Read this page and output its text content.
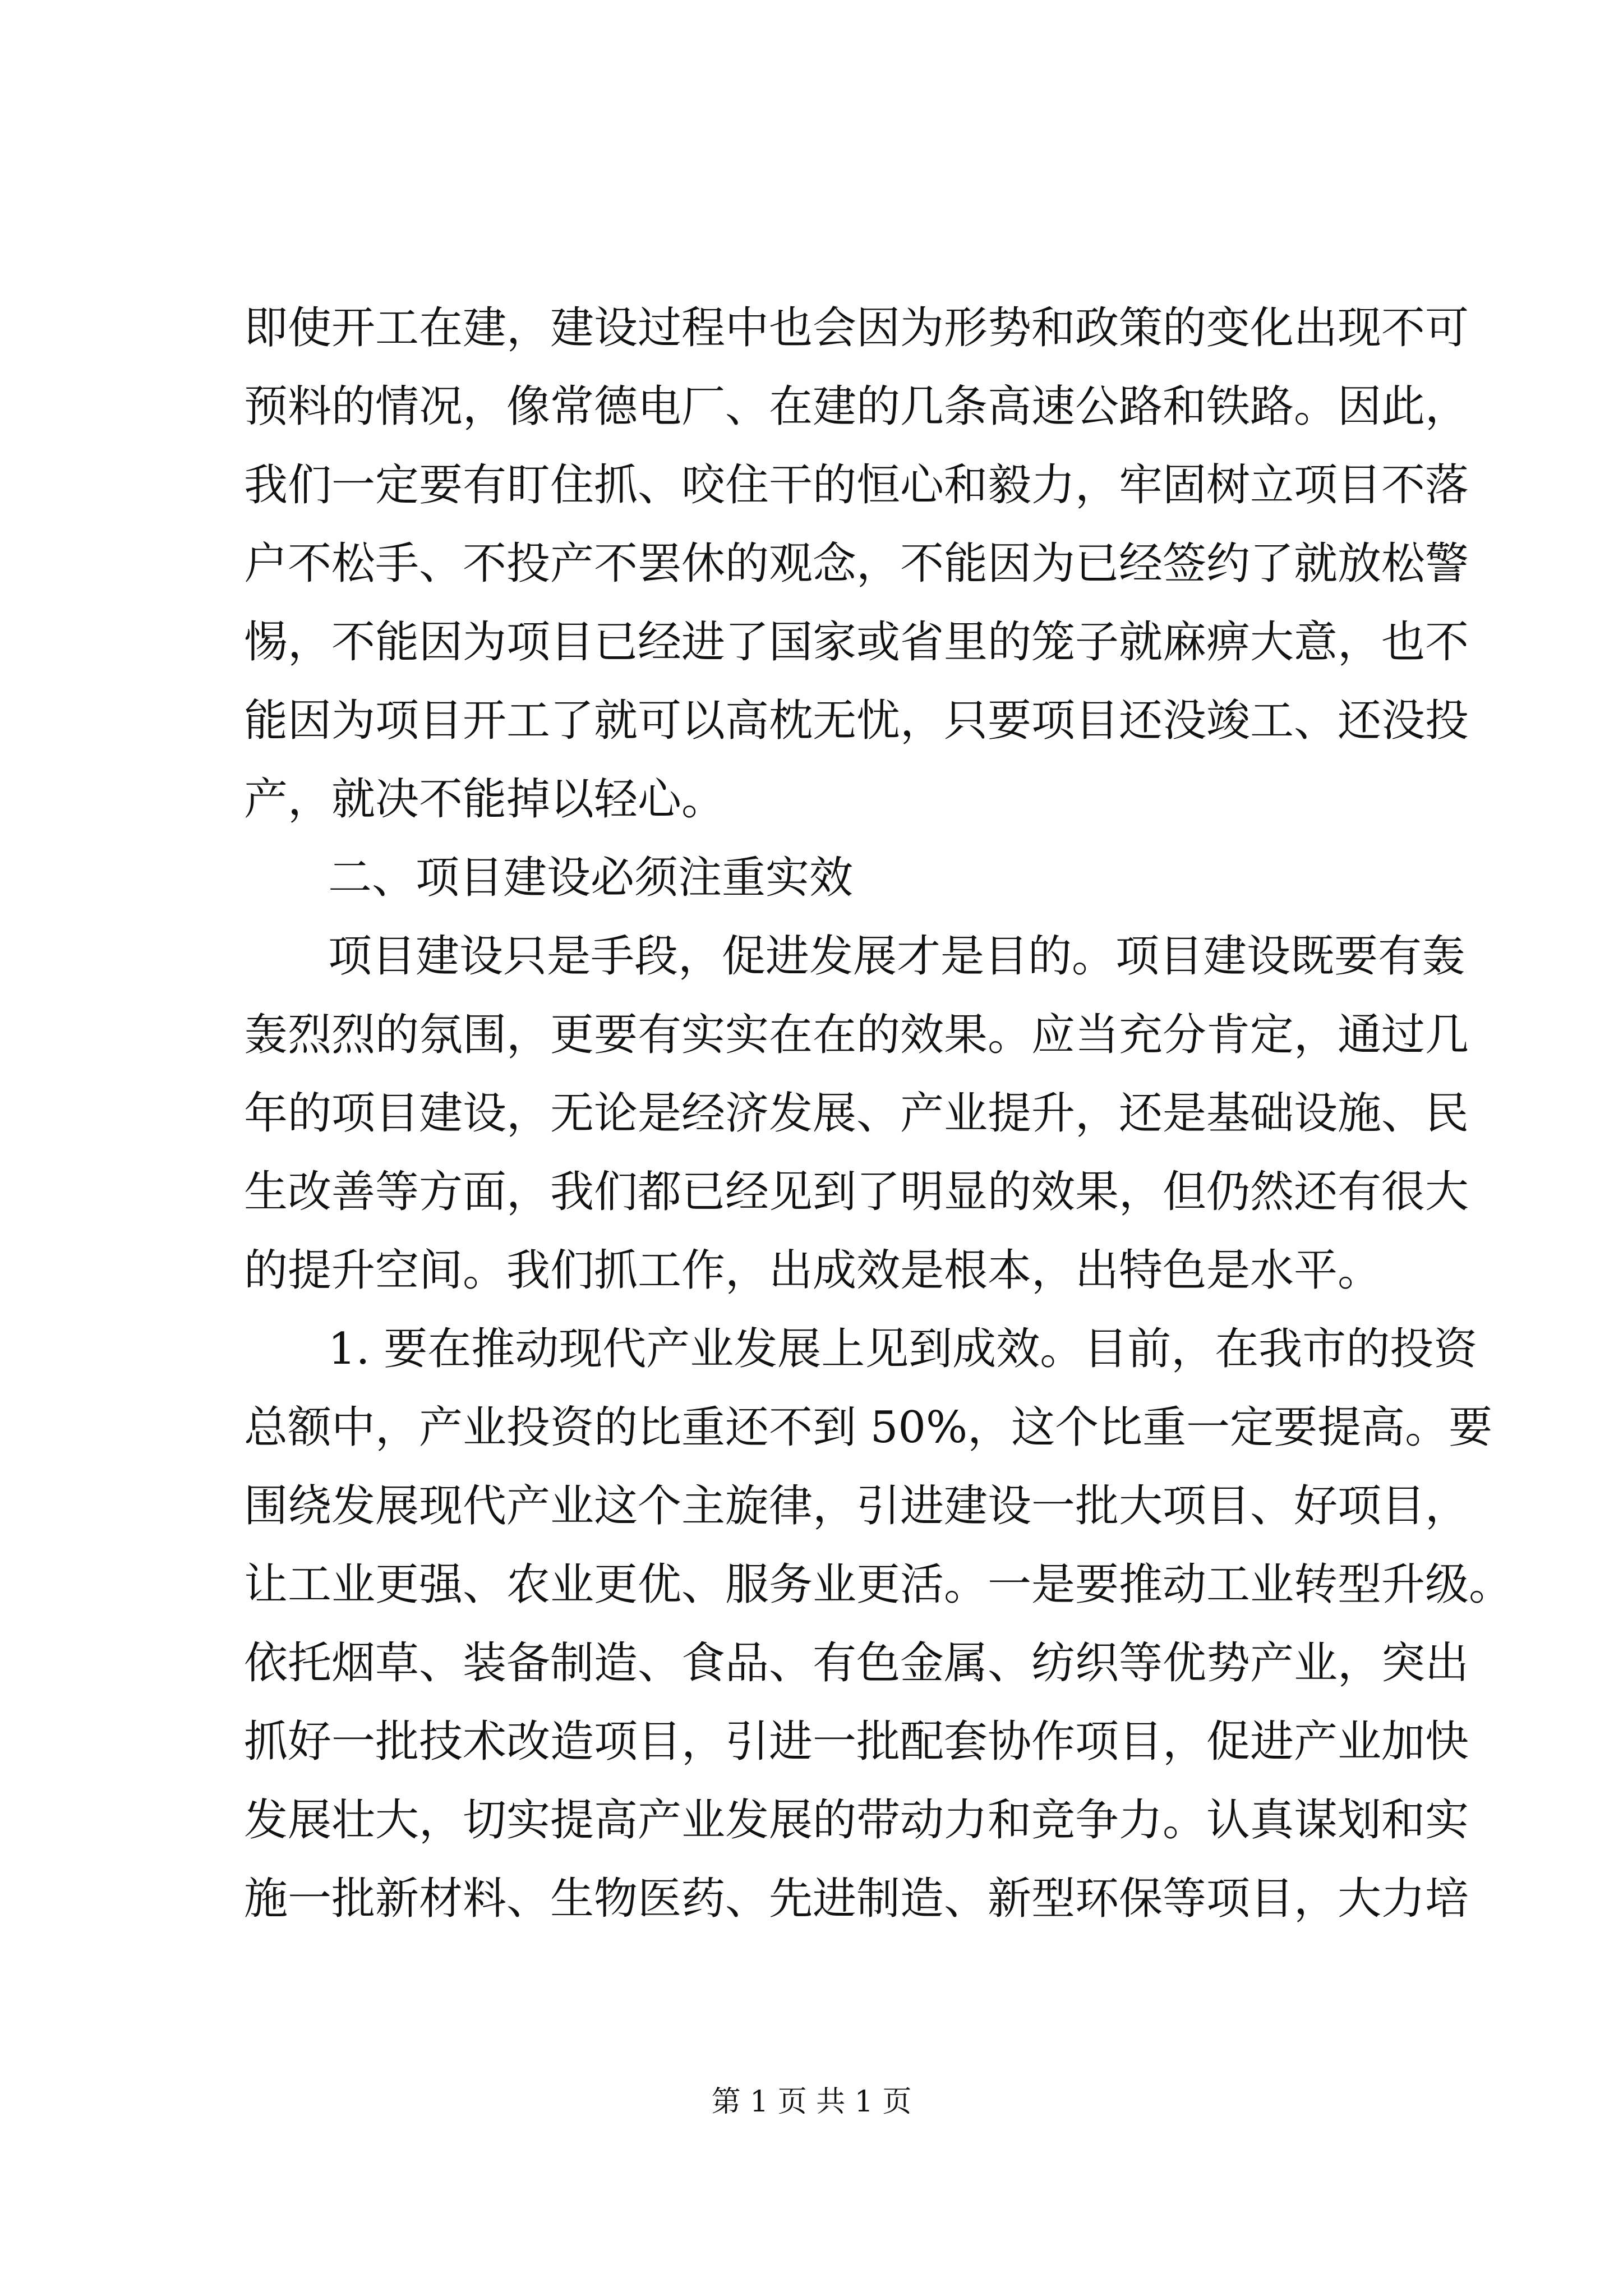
即使开工在建，建设过程中也会因为形势和政策的变化出现不可
预料的情况，像常德电厂、在建的几条高速公路和铁路。因此，
我们一定要有盯住抓、咬住干的恒心和毅力，牢固树立项目不落
户不松手、不投产不罢休的观念，不能因为已经签约了就放松警
惕，不能因为项目已经进了国家或省里的笼子就麻痹大意，也不
能因为项目开工了就可以高枕无忧，只要项目还没竣工、还没投
产，就决不能掉以轻心。
二、项目建设必须注重实效
项目建设只是手段，促进发展才是目的。项目建设既要有轰
轰烈烈的氛围，更要有实实在在的效果。应当充分肯定，通过几
年的项目建设，无论是经济发展、产业提升，还是基础设施、民
生改善等方面，我们都已经见到了明显的效果，但仍然还有很大
的提升空间。我们抓工作，出成效是根本，出特色是水平。
1. 要在推动现代产业发展上见到成效。目前，在我市的投资
总额中，产业投资的比重还不到 50%，这个比重一定要提高。要
围绕发展现代产业这个主旋律，引进建设一批大项目、好项目，
让工业更强、农业更优、服务业更活。一是要推动工业转型升级。
依托烟草、装备制造、食品、有色金属、纺织等优势产业，突出
抓好一批技术改造项目，引进一批配套协作项目，促进产业加快
发展壮大，切实提高产业发展的带动力和竞争力。认真谋划和实
施一批新材料、生物医药、先进制造、新型环保等项目，大力培
第 1 页 共 1 页
